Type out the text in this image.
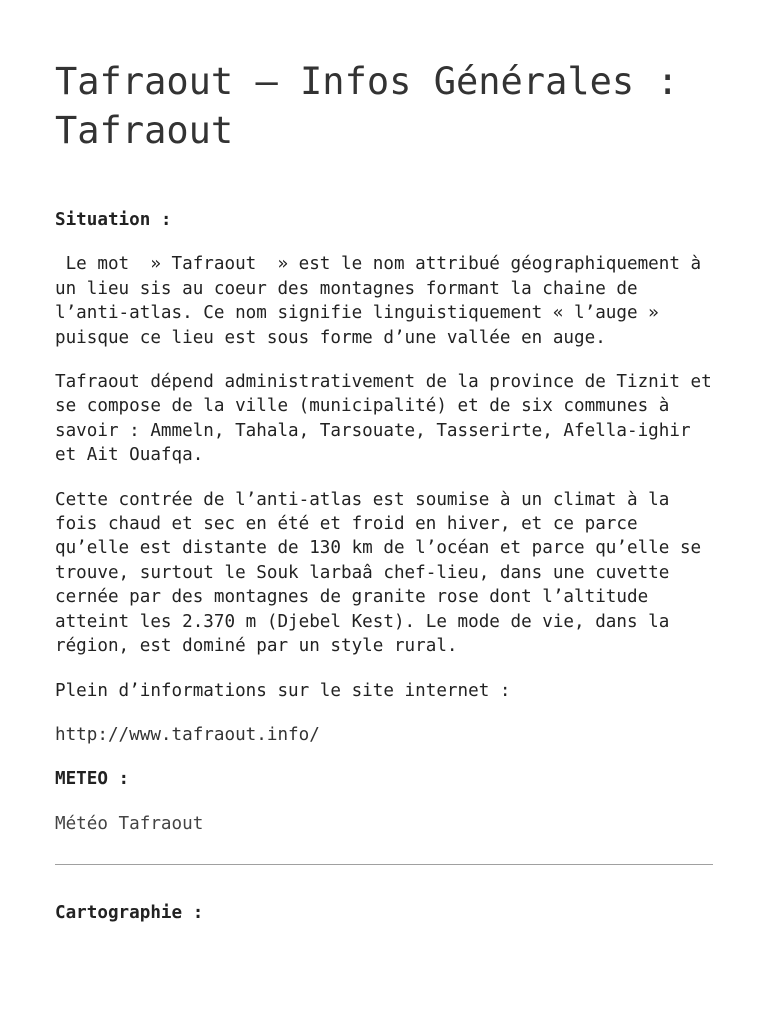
Tafraout – Infos Générales : Tafraout
Situation :

Le mot  » Tafraout  » est le nom attribué géographiquement à un lieu sis au coeur des montagnes formant la chaine de l’anti-atlas. Ce nom signifie linguistiquement « l’auge » puisque ce lieu est sous forme d’une vallée en auge.

Tafraout dépend administrativement de la province de Tiznit et se compose de la ville (municipalité) et de six communes à savoir : Ammeln, Tahala, Tarsouate, Tasserirte, Afella-ighir et Ait Ouafqa.

Cette contrée de l’anti-atlas est soumise à un climat à la fois chaud et sec en été et froid en hiver, et ce parce qu’elle est distante de 130 km de l’océan et parce qu’elle se trouve, surtout le Souk larbaâ chef-lieu, dans une cuvette cernée par des montagnes de granite rose dont l’altitude atteint les 2.370 m (Djebel Kest). Le mode de vie, dans la région, est dominé par un style rural.

Plein d’informations sur le site internet :

http://www.tafraout.info/

METEO :

Météo Tafraout

Cartographie :
